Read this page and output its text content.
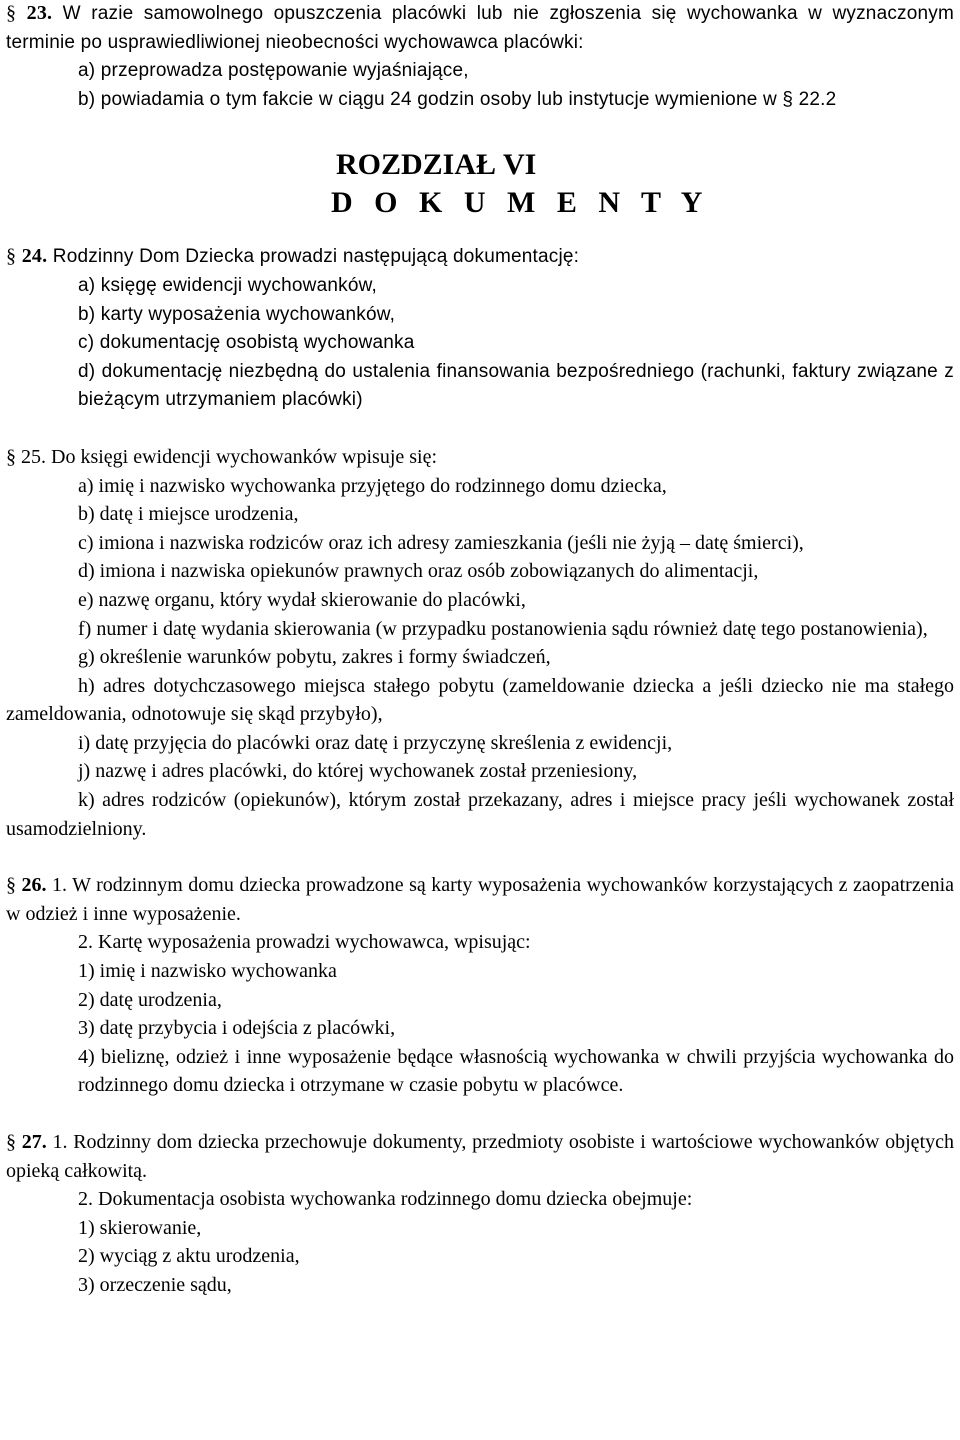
§ 23. W razie samowolnego opuszczenia placówki lub nie zgłoszenia się wychowanka w wyznaczonym terminie po usprawiedliwionej nieobecności wychowawca placówki:

a) przeprowadza postępowanie wyjaśniające,

b) powiadamia o tym fakcie w ciągu 24 godzin osoby lub instytucje wymienione w § 22.2

ROZDZIAŁ VI
D O K U M E N T Y

§ 24. Rodzinny Dom Dziecka prowadzi następującą dokumentację:

a) księgę ewidencji wychowanków,

b) karty wyposażenia wychowanków,

c) dokumentację osobistą wychowanka

d) dokumentację niezbędną do ustalenia finansowania bezpośredniego (rachunki, faktury związane z bieżącym utrzymaniem placówki)

§ 25. Do księgi ewidencji wychowanków wpisuje się:

a) imię i nazwisko wychowanka przyjętego do rodzinnego domu dziecka,

b) datę i miejsce urodzenia,

c) imiona i nazwiska rodziców oraz ich adresy zamieszkania (jeśli nie żyją – datę śmierci),

d) imiona i nazwiska opiekunów prawnych oraz osób zobowiązanych do alimentacji,

e) nazwę organu, który wydał skierowanie do placówki,

f) numer i datę wydania skierowania (w przypadku postanowienia sądu również datę tego postanowienia),

g) określenie warunków pobytu, zakres i formy świadczeń,

h) adres dotychczasowego miejsca stałego pobytu (zameldowanie dziecka a jeśli dziecko nie ma stałego zameldowania, odnotowuje się skąd przybyło),

i) datę przyjęcia do placówki oraz datę i przyczynę skreślenia z ewidencji,

j) nazwę i adres placówki, do której wychowanek został przeniesiony,

k) adres rodziców (opiekunów), którym został przekazany, adres i miejsce pracy jeśli wychowanek został usamodzielniony.

§ 26. 1. W rodzinnym domu dziecka prowadzone są karty wyposażenia wychowanków korzystających z zaopatrzenia w odzież i inne wyposażenie.

2. Kartę wyposażenia prowadzi wychowawca, wpisując:

1) imię i nazwisko wychowanka

2) datę urodzenia,

3) datę przybycia i odejścia z placówki,

4) bieliznę, odzież i inne wyposażenie będące własnością wychowanka w chwili przyjścia wychowanka do rodzinnego domu dziecka i otrzymane w czasie pobytu w placówce.

§ 27. 1. Rodzinny dom dziecka przechowuje dokumenty, przedmioty osobiste i wartościowe wychowanków objętych opieką całkowitą.

2. Dokumentacja osobista wychowanka rodzinnego domu dziecka obejmuje:

1) skierowanie,

2) wyciąg z aktu urodzenia,

3) orzeczenie sądu,
